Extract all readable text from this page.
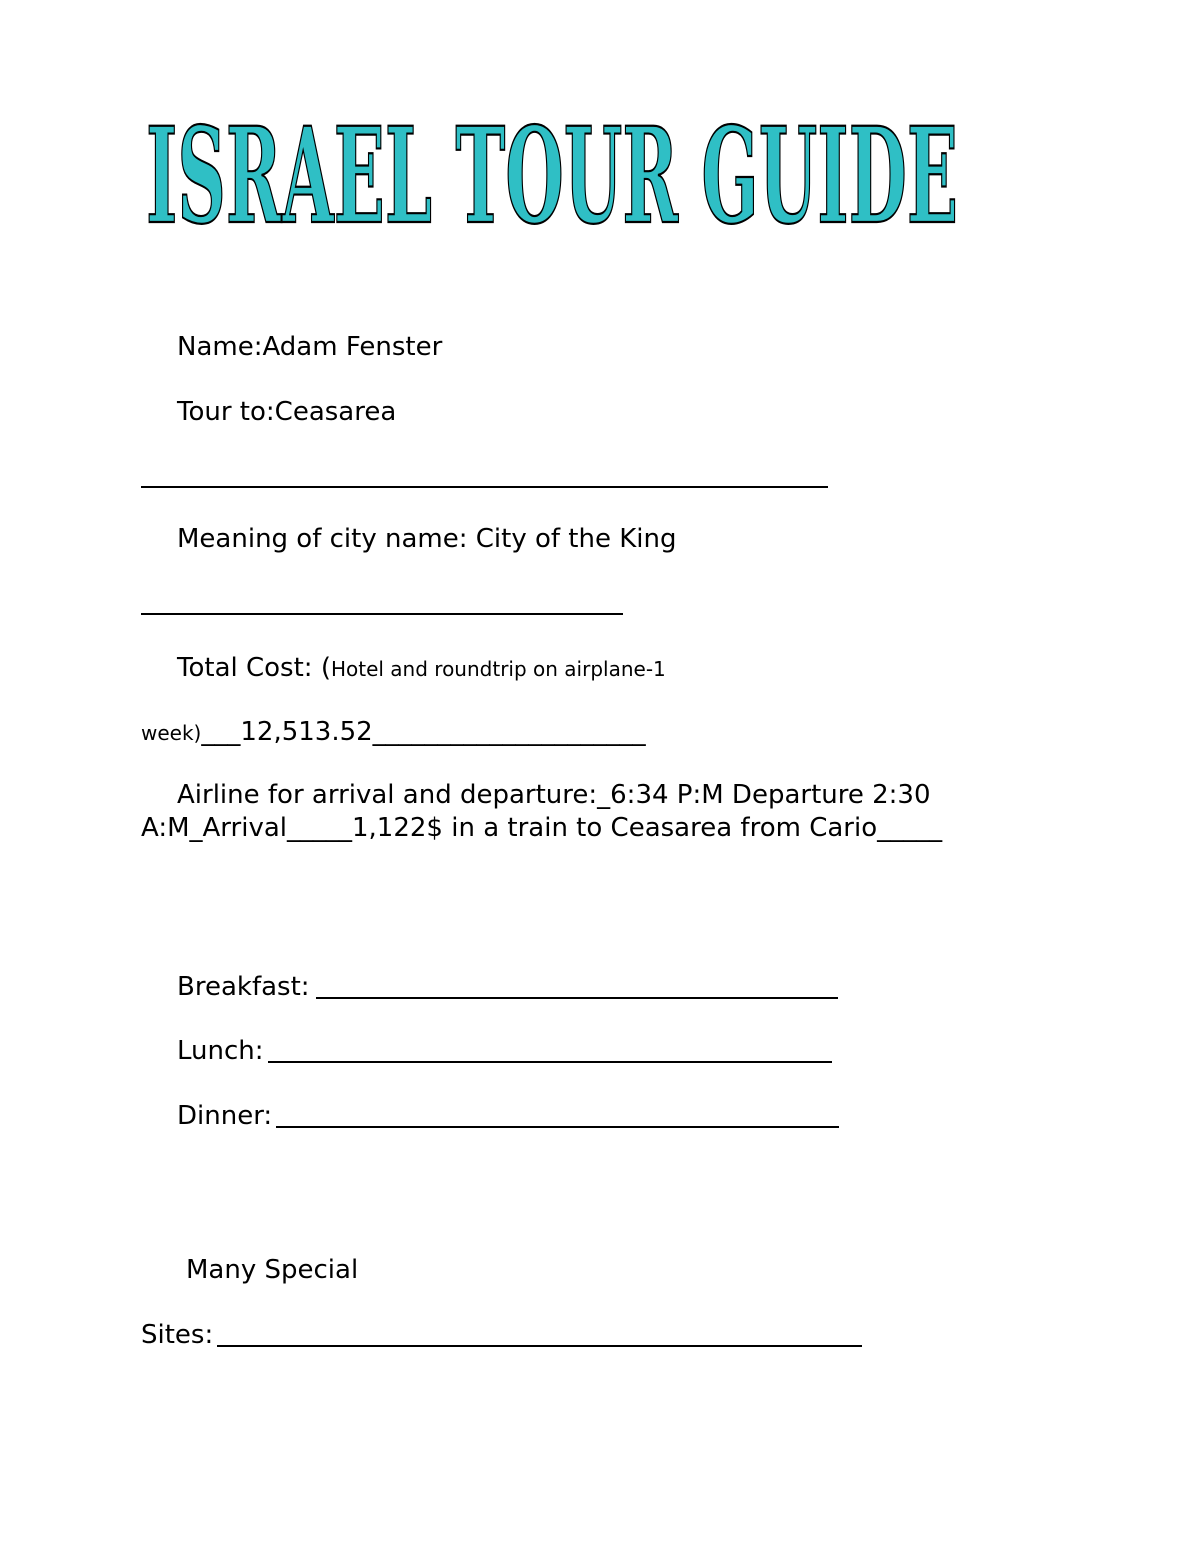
ISRAEL TOUR GUIDE
Name:Adam Fenster
Tour to:Ceasarea
Meaning of city name: City of the King
Total Cost: (Hotel and roundtrip on airplane-1
week)___12,513.52_____________________
Airline for arrival and departure:_6:34 P:M Departure 2:30
A:M_Arrival_____1,122$ in a train to Ceasarea from Cario_____
Breakfast:
Lunch:
Dinner:
Many Special
Sites:
